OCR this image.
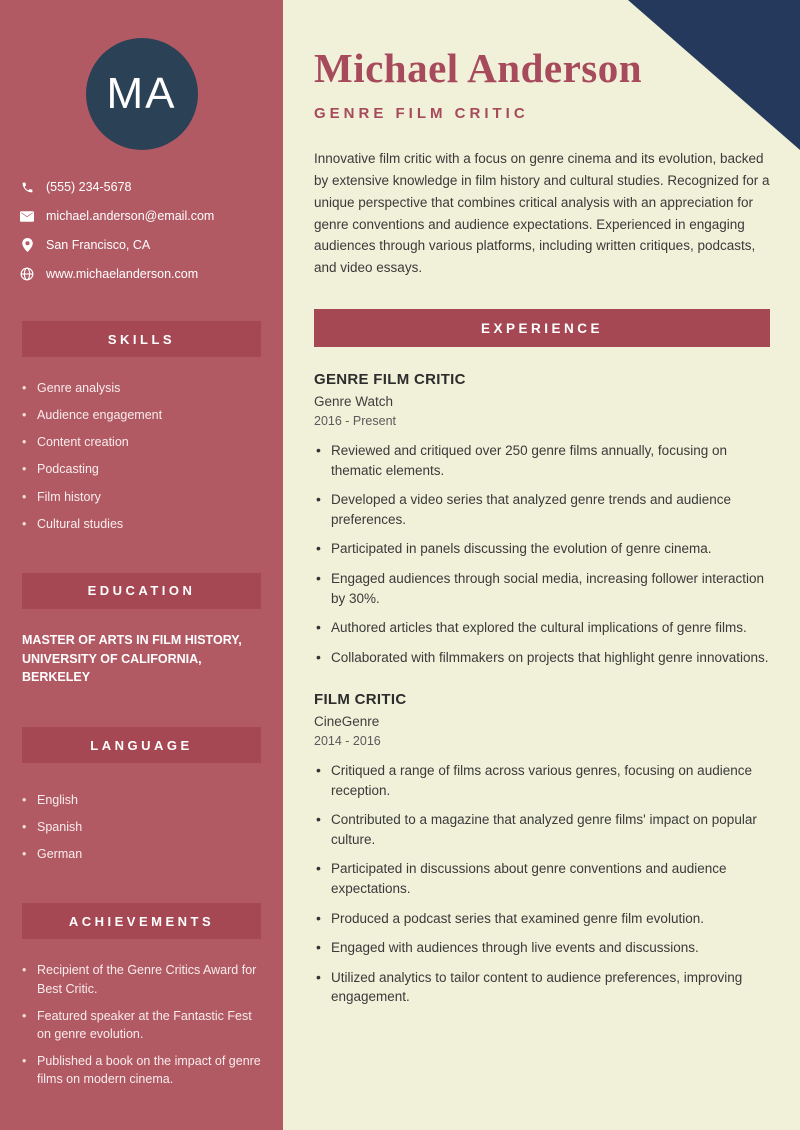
MA
(555) 234-5678
michael.anderson@email.com
San Francisco, CA
www.michaelanderson.com
SKILLS
• Genre analysis
• Audience engagement
• Content creation
• Podcasting
• Film history
• Cultural studies
EDUCATION
MASTER OF ARTS IN FILM HISTORY, UNIVERSITY OF CALIFORNIA, BERKELEY
LANGUAGE
• English
• Spanish
• German
ACHIEVEMENTS
• Recipient of the Genre Critics Award for Best Critic.
• Featured speaker at the Fantastic Fest on genre evolution.
• Published a book on the impact of genre films on modern cinema.
Michael Anderson
GENRE FILM CRITIC

Innovative film critic with a focus on genre cinema and its evolution, backed by extensive knowledge in film history and cultural studies. Recognized for a unique perspective that combines critical analysis with an appreciation for genre conventions and audience expectations. Experienced in engaging audiences through various platforms, including written critiques, podcasts, and video essays.

EXPERIENCE
GENRE FILM CRITIC
Genre Watch
2016 - Present
• Reviewed and critiqued over 250 genre films annually, focusing on thematic elements.
• Developed a video series that analyzed genre trends and audience preferences.
• Participated in panels discussing the evolution of genre cinema.
• Engaged audiences through social media, increasing follower interaction by 30%.
• Authored articles that explored the cultural implications of genre films.
• Collaborated with filmmakers on projects that highlight genre innovations.
FILM CRITIC
CineGenre
2014 - 2016
• Critiqued a range of films across various genres, focusing on audience reception.
• Contributed to a magazine that analyzed genre films' impact on popular culture.
• Participated in discussions about genre conventions and audience expectations.
• Produced a podcast series that examined genre film evolution.
• Engaged with audiences through live events and discussions.
• Utilized analytics to tailor content to audience preferences, improving engagement.
